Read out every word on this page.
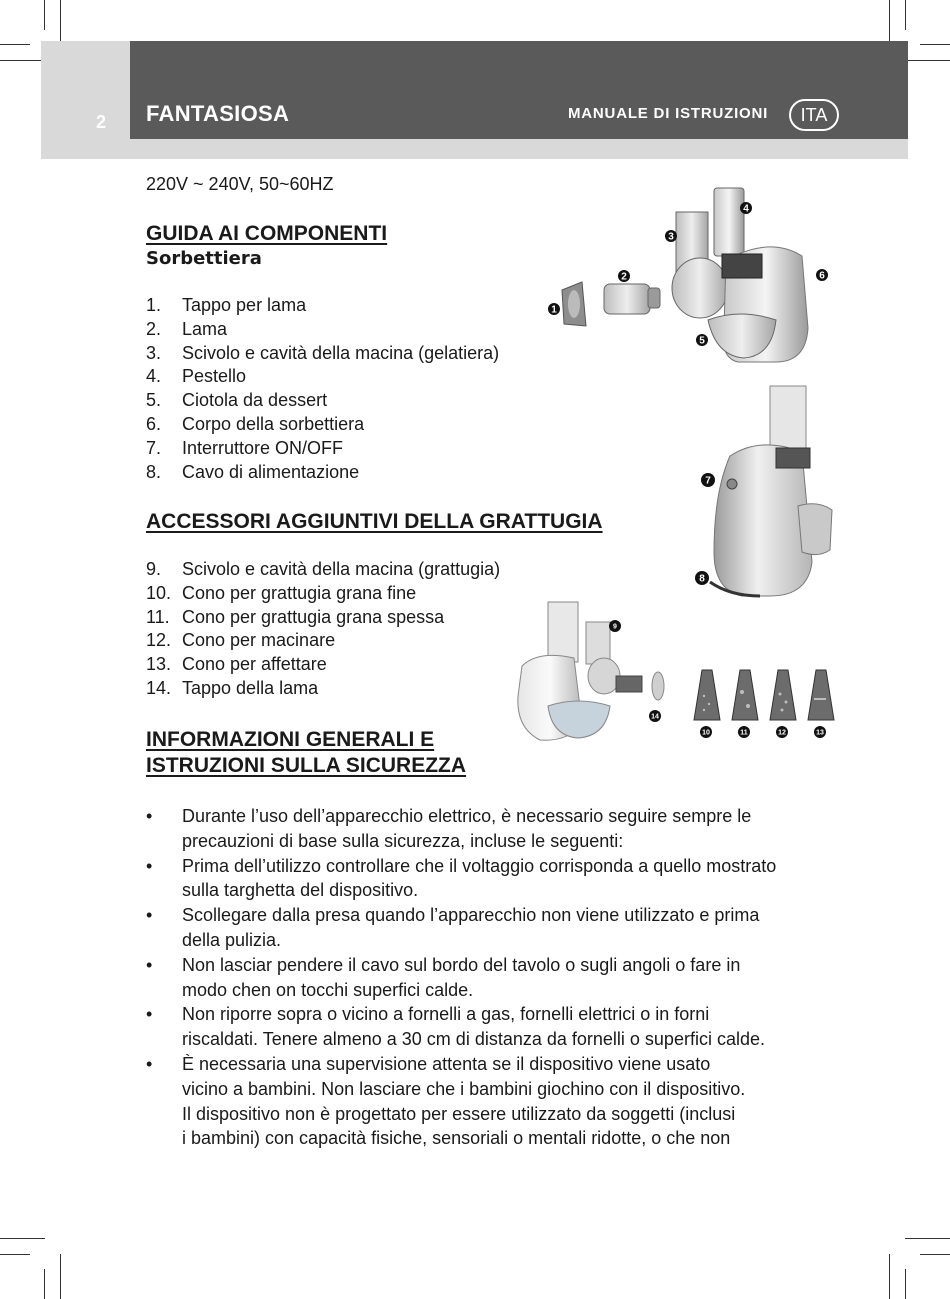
2 FANTASIOSA	MANUALE DI ISTRUZIONI	ITA
220V ~ 240V, 50~60HZ
GUIDA AI COMPONENTI
Sorbettiera
1. Tappo per lama
2. Lama
3. Scivolo e cavità della macina (gelatiera)
4. Pestello
5. Ciotola da dessert
6. Corpo della sorbettiera
7. Interruttore ON/OFF
8. Cavo di alimentazione
ACCESSORI AGGIUNTIVI DELLA GRATTUGIA
9. Scivolo e cavità della macina (grattugia)
10. Cono per grattugia grana fine
11. Cono per grattugia grana spessa
12. Cono per macinare
13. Cono per affettare
14. Tappo della lama
INFORMAZIONI GENERALI E
ISTRUZIONI SULLA SICUREZZA
• Durante l’uso dell’apparecchio elettrico, è necessario seguire sempre le
precauzioni di base sulla sicurezza, incluse le seguenti:
• Prima dell’utilizzo controllare che il voltaggio corrisponda a quello mostrato
sulla targhetta del dispositivo.
• Scollegare dalla presa quando l’apparecchio non viene utilizzato e prima
della pulizia.
• Non lasciar pendere il cavo sul bordo del tavolo o sugli angoli o fare in
modo chen on tocchi superfici calde.
• Non riporre sopra o vicino a fornelli a gas, fornelli elettrici o in forni
riscaldati. Tenere almeno a 30 cm di distanza da fornelli o superfici calde.
• È necessaria una supervisione attenta se il dispositivo viene usato
vicino a bambini. Non lasciare che i bambini giochino con il dispositivo.
Il dispositivo non è progettato per essere utilizzato da soggetti (inclusi
i bambini) con capacità fisiche, sensoriali o mentali ridotte, o che non
1
2
3
4
5
6
7
8
9
14
10	11	12	13
